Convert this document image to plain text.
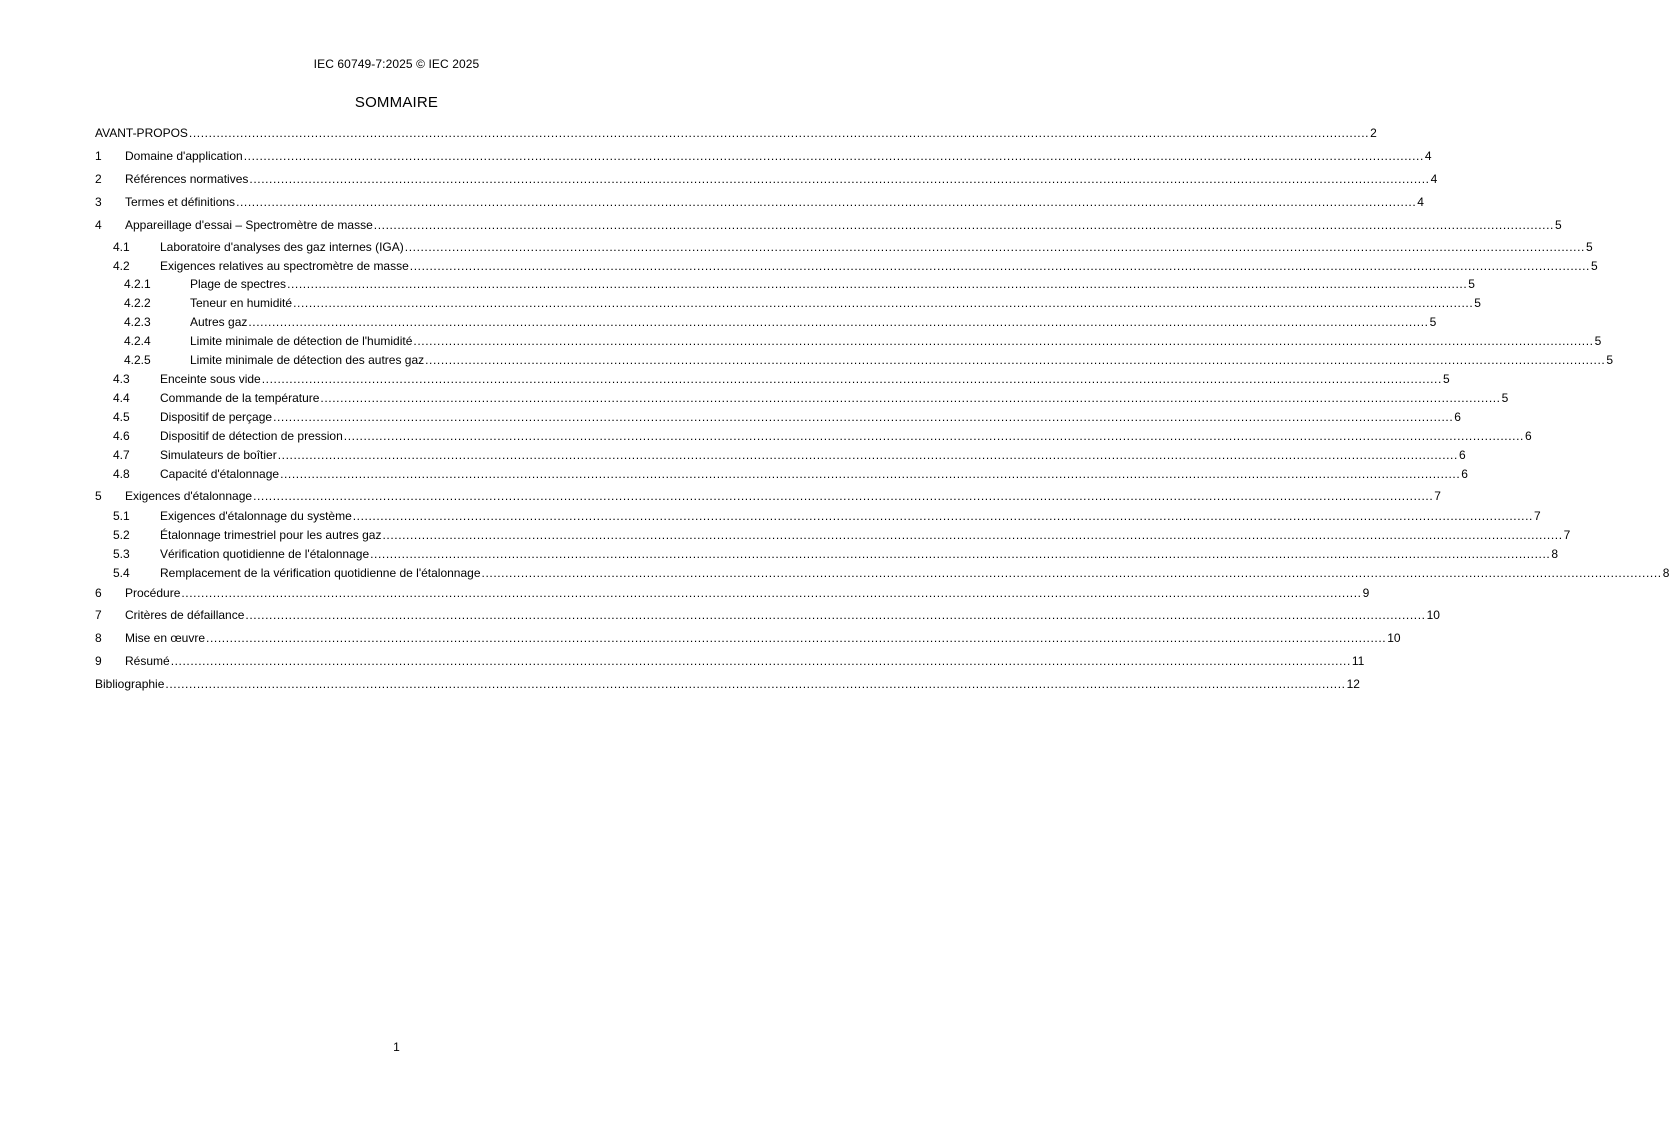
IEC 60749-7:2025 © IEC 2025
SOMMAIRE
AVANT-PROPOS ............................................................................................................................................................................................................................................................................................................ 2
1 Domaine d'application ............................................................................................................................................................................................................................................................................................................ 4
2 Références normatives ............................................................................................................................................................................................................................................................................................................ 4
3 Termes et définitions ............................................................................................................................................................................................................................................................................................................ 4
4 Appareillage d'essai – Spectromètre de masse ............................................................................................................................................................................................................................................................................................................ 5
4.1	Laboratoire d'analyses des gaz internes (IGA) ............................................................................................................................................................................................................................................................................................................ 5
4.2	Exigences relatives au spectromètre de masse ............................................................................................................................................................................................................................................................................................................ 5
4.2.1	Plage de spectres ............................................................................................................................................................................................................................................................................................................ 5
4.2.2	Teneur en humidité ............................................................................................................................................................................................................................................................................................................ 5
4.2.3	Autres gaz ............................................................................................................................................................................................................................................................................................................ 5
4.2.4	Limite minimale de détection de l'humidité ............................................................................................................................................................................................................................................................................................................ 5
4.2.5	Limite minimale de détection des autres gaz ............................................................................................................................................................................................................................................................................................................ 5
4.3	Enceinte sous vide ............................................................................................................................................................................................................................................................................................................ 5
4.4	Commande de la température ............................................................................................................................................................................................................................................................................................................ 5
4.5	Dispositif de perçage ............................................................................................................................................................................................................................................................................................................ 6
4.6	Dispositif de détection de pression ............................................................................................................................................................................................................................................................................................................ 6
4.7	Simulateurs de boîtier ............................................................................................................................................................................................................................................................................................................ 6
4.8	Capacité d'étalonnage ............................................................................................................................................................................................................................................................................................................ 6
5 Exigences d'étalonnage ............................................................................................................................................................................................................................................................................................................ 7
5.1	Exigences d'étalonnage du système ............................................................................................................................................................................................................................................................................................................ 7
5.2	Étalonnage trimestriel pour les autres gaz ............................................................................................................................................................................................................................................................................................................ 7
5.3	Vérification quotidienne de l'étalonnage ............................................................................................................................................................................................................................................................................................................ 8
5.4	Remplacement de la vérification quotidienne de l'étalonnage ............................................................................................................................................................................................................................................................................................................ 8
6 Procédure ............................................................................................................................................................................................................................................................................................................ 9
7 Critères de défaillance ............................................................................................................................................................................................................................................................................................................ 10
8 Mise en œuvre ............................................................................................................................................................................................................................................................................................................ 10
9 Résumé ............................................................................................................................................................................................................................................................................................................ 11
Bibliographie ............................................................................................................................................................................................................................................................................................................ 12
1
